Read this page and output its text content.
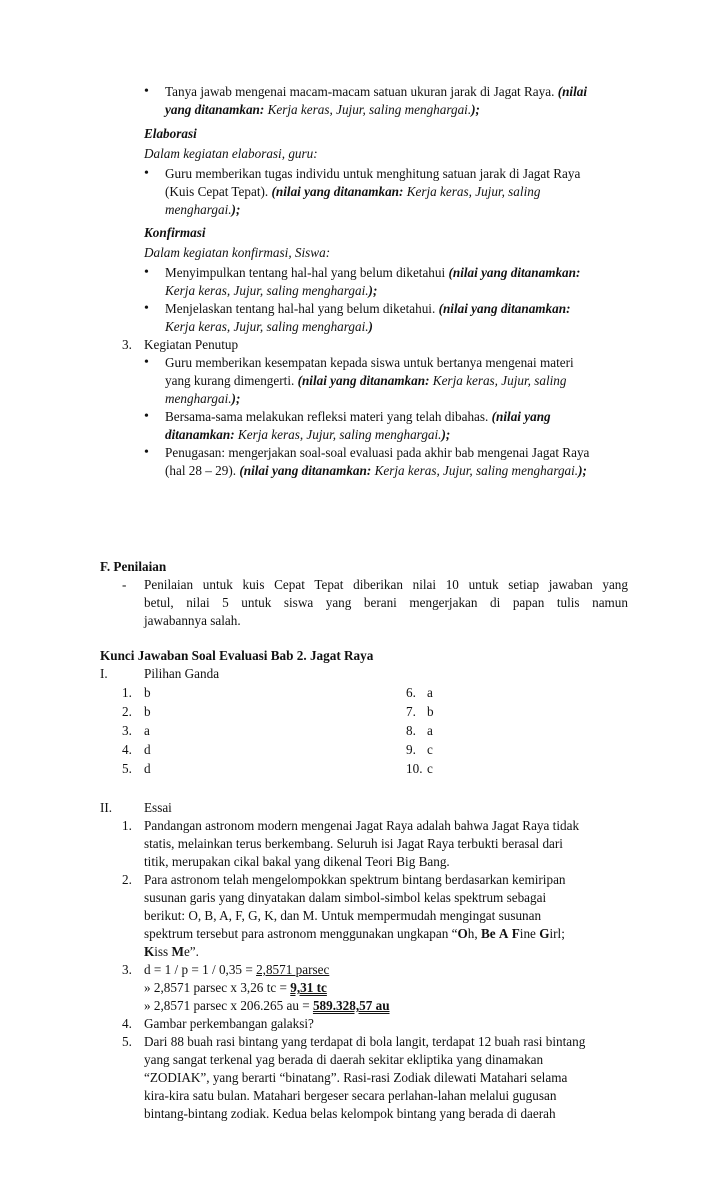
• Tanya jawab mengenai macam-macam satuan ukuran jarak di Jagat Raya. (nilai
yang ditanamkan: Kerja keras, Jujur, saling menghargai.);
Elaborasi
Dalam kegiatan elaborasi, guru:
• Guru memberikan tugas individu untuk menghitung satuan jarak di Jagat Raya
(Kuis Cepat Tepat). (nilai yang ditanamkan: Kerja keras, Jujur, saling
menghargai.);
Konfirmasi
Dalam kegiatan konfirmasi, Siswa:
• Menyimpulkan tentang hal-hal yang belum diketahui (nilai yang ditanamkan:
Kerja keras, Jujur, saling menghargai.);
• Menjelaskan tentang hal-hal yang belum diketahui. (nilai yang ditanamkan:
Kerja keras, Jujur, saling menghargai.)
3. Kegiatan Penutup
• Guru memberikan kesempatan kepada siswa untuk bertanya mengenai materi
yang kurang dimengerti. (nilai yang ditanamkan: Kerja keras, Jujur, saling
menghargai.);
• Bersama-sama melakukan refleksi materi yang telah dibahas. (nilai yang
ditanamkan: Kerja keras, Jujur, saling menghargai.);
• Penugasan: mengerjakan soal-soal evaluasi pada akhir bab mengenai Jagat Raya
(hal 28 – 29). (nilai yang ditanamkan: Kerja keras, Jujur, saling menghargai.);
F. Penilaian
- Penilaian untuk kuis Cepat Tepat diberikan nilai 10 untuk setiap jawaban yang
betul, nilai 5 untuk siswa yang berani mengerjakan di papan tulis namun
jawabannya salah.
Kunci Jawaban Soal Evaluasi Bab 2. Jagat Raya
I.	Pilihan Ganda
1. b
2. b
3. a
4. d
5. d
6. a
7. b
8. a
9. c
10. c
II. Essai
1. Pandangan astronom modern mengenai Jagat Raya adalah bahwa Jagat Raya tidak
statis, melainkan terus berkembang. Seluruh isi Jagat Raya terbukti berasal dari
titik, merupakan cikal bakal yang dikenal Teori Big Bang.
2. Para astronom telah mengelompokkan spektrum bintang berdasarkan kemiripan
susunan garis yang dinyatakan dalam simbol-simbol kelas spektrum sebagai
berikut: O, B, A, F, G, K, dan M. Untuk mempermudah mengingat susunan
spektrum tersebut para astronom menggunakan ungkapan “Oh, Be A Fine Girl;
Kiss Me”.
3. d = 1 / p = 1 / 0,35 = 2,8571 parsec
» 2,8571 parsec x 3,26 tc = 9,31 tc
» 2,8571 parsec x 206.265 au = 589.328,57 au
4. Gambar perkembangan galaksi?
5. Dari 88 buah rasi bintang yang terdapat di bola langit, terdapat 12 buah rasi bintang
yang sangat terkenal yag berada di daerah sekitar ekliptika yang dinamakan
“ZODIAK”, yang berarti “binatang”. Rasi-rasi Zodiak dilewati Matahari selama
kira-kira satu bulan. Matahari bergeser secara perlahan-lahan melalui gugusan
bintang-bintang zodiak. Kedua belas kelompok bintang yang berada di daerah
